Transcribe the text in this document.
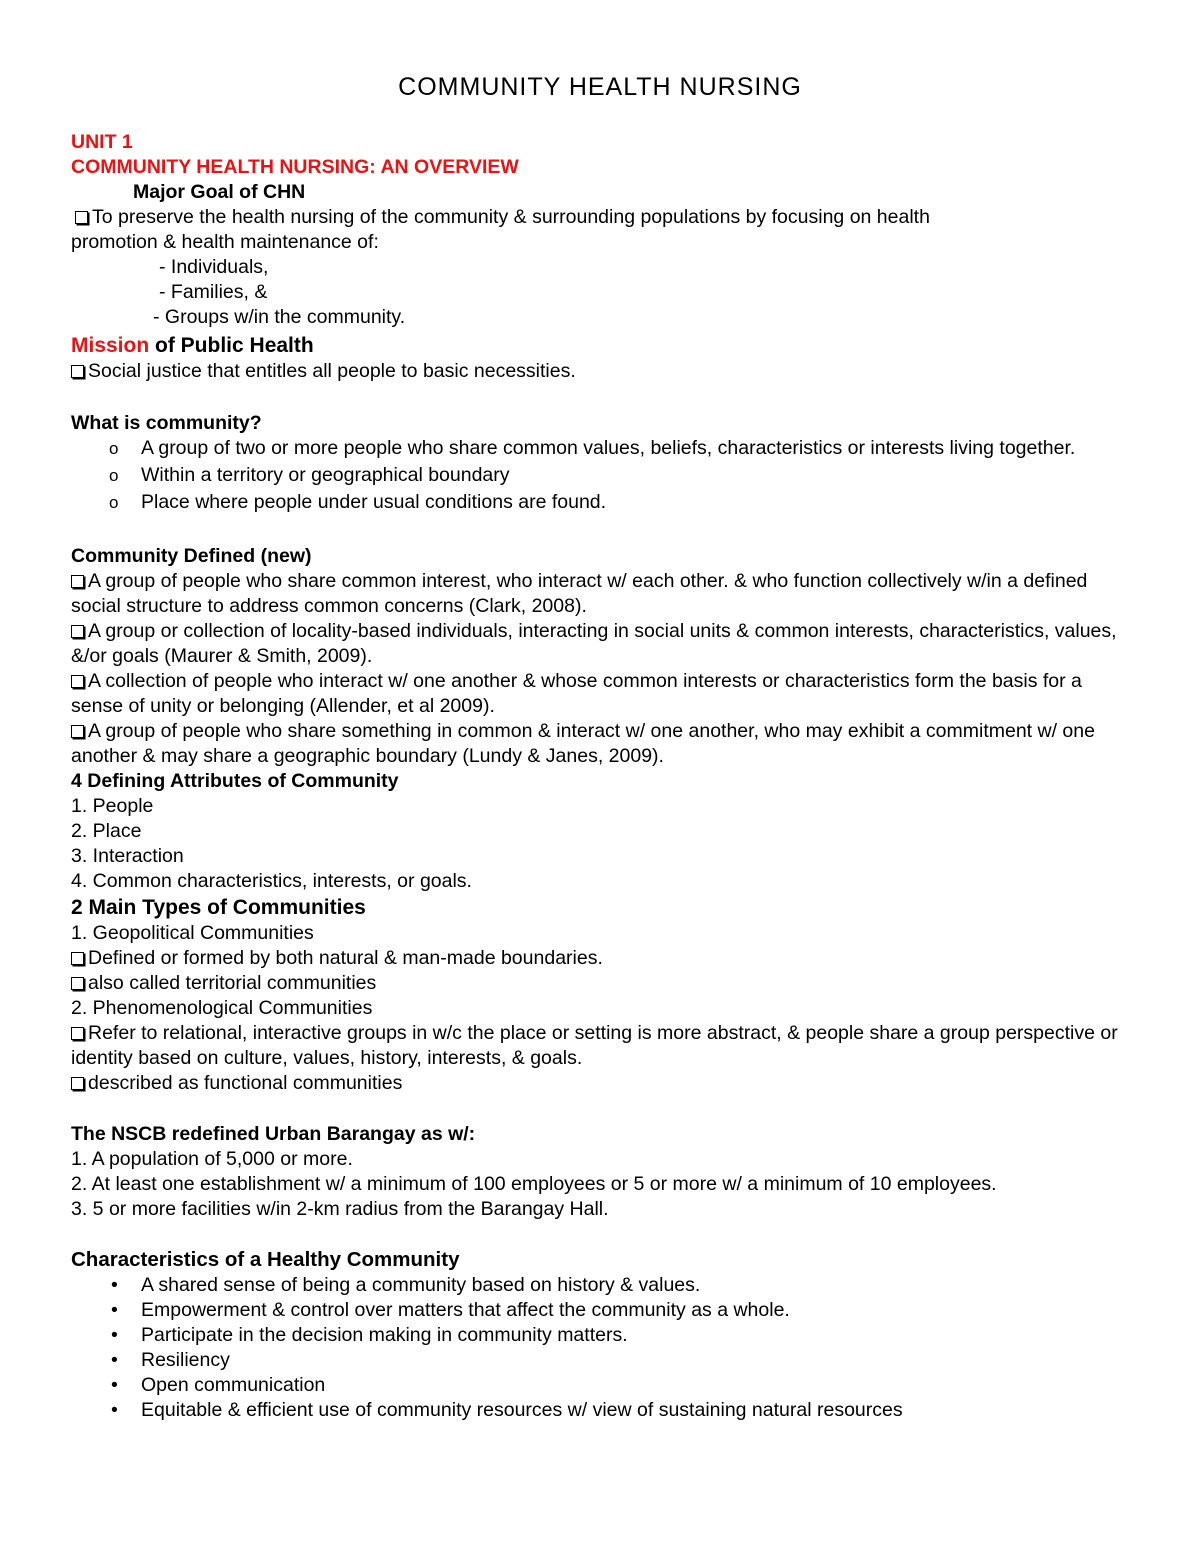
COMMUNITY HEALTH NURSING
UNIT 1
COMMUNITY HEALTH NURSING: AN OVERVIEW
Major Goal of CHN
To preserve the health nursing of the community & surrounding populations by focusing on health
promotion & health maintenance of:
- Individuals,
- Families, &
- Groups w/in the community.
Mission of Public Health
Social justice that entitles all people to basic necessities.
What is community?
o A group of two or more people who share common values, beliefs, characteristics or interests living together.
o Within a territory or geographical boundary
o Place where people under usual conditions are found.
Community Defined (new)
A group of people who share common interest, who interact w/ each other. & who function collectively w/in a defined social structure to address common concerns (Clark, 2008).
A group or collection of locality-based individuals, interacting in social units & common interests, characteristics, values, &/or goals (Maurer & Smith, 2009).
A collection of people who interact w/ one another & whose common interests or characteristics form the basis for a sense of unity or belonging (Allender, et al 2009).
A group of people who share something in common & interact w/ one another, who may exhibit a commitment w/ one another & may share a geographic boundary (Lundy & Janes, 2009).
4 Defining Attributes of Community
1. People
2. Place
3. Interaction
4. Common characteristics, interests, or goals.
2 Main Types of Communities
1. Geopolitical Communities
Defined or formed by both natural & man-made boundaries.
also called territorial communities
2. Phenomenological Communities
Refer to relational, interactive groups in w/c the place or setting is more abstract, & people share a group perspective or identity based on culture, values, history, interests, & goals.
described as functional communities
The NSCB redefined Urban Barangay as w/:
1. A population of 5,000 or more.
2. At least one establishment w/ a minimum of 100 employees or 5 or more w/ a minimum of 10 employees.
3. 5 or more facilities w/in 2-km radius from the Barangay Hall.
Characteristics of a Healthy Community
• A shared sense of being a community based on history & values.
• Empowerment & control over matters that affect the community as a whole.
• Participate in the decision making in community matters.
• Resiliency
• Open communication
• Equitable & efficient use of community resources w/ view of sustaining natural resources
